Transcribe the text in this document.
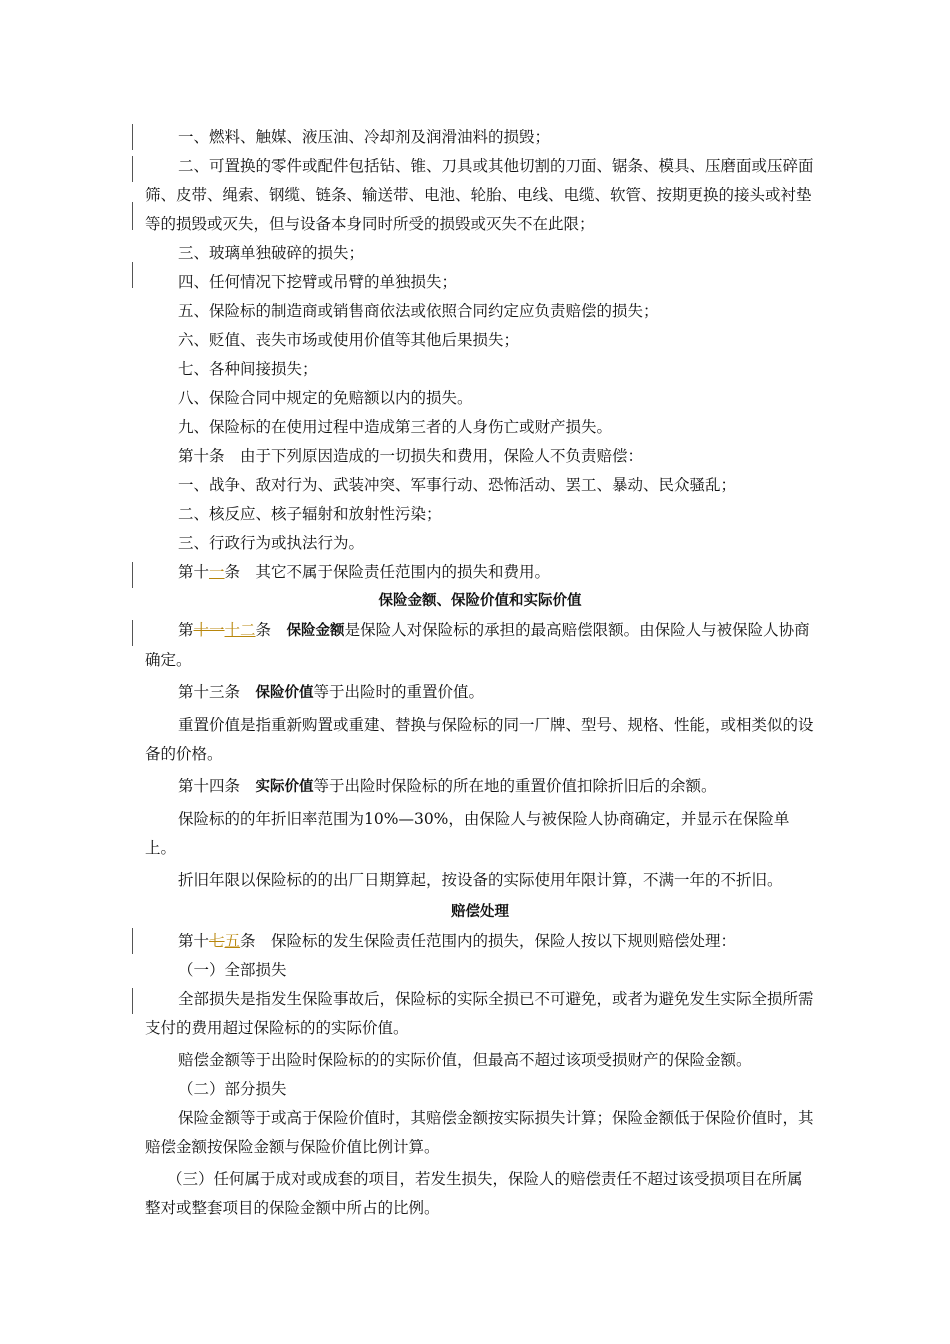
一、燃料、触媒、液压油、冷却剂及润滑油料的损毁；

二、可置换的零件或配件包括钻、锥、刀具或其他切割的刀面、锯条、模具、压磨面或压碎面筛、皮带、绳索、钢缆、链条、输送带、电池、轮胎、电线、电缆、软管、按期更换的接头或衬垫等的损毁或灭失，但与设备本身同时所受的损毁或灭失不在此限；

三、玻璃单独破碎的损失；

四、任何情况下挖臂或吊臂的单独损失；

五、保险标的制造商或销售商依法或依照合同约定应负责赔偿的损失；

六、贬值、丧失市场或使用价值等其他后果损失；

七、各种间接损失；

八、保险合同中规定的免赔额以内的损失。

九、保险标的在使用过程中造成第三者的人身伤亡或财产损失。

第十条　由于下列原因造成的一切损失和费用，保险人不负责赔偿：

一、战争、敌对行为、武装冲突、军事行动、恐怖活动、罢工、暴动、民众骚乱；

二、核反应、核子辐射和放射性污染；

三、行政行为或执法行为。

第十一条　其它不属于保险责任范围内的损失和费用。

保险金额、保险价值和实际价值

第十一十二条　保险金额是保险人对保险标的承担的最高赔偿限额。由保险人与被保险人协商确定。

第十三条　保险价值等于出险时的重置价值。

重置价值是指重新购置或重建、替换与保险标的同一厂牌、型号、规格、性能，或相类似的设备的价格。

第十四条　实际价值等于出险时保险标的所在地的重置价值扣除折旧后的余额。

保险标的的年折旧率范围为10%—30%，由保险人与被保险人协商确定，并显示在保险单上。

折旧年限以保险标的的出厂日期算起，按设备的实际使用年限计算，不满一年的不折旧。

赔偿处理

第十七五条　保险标的发生保险责任范围内的损失，保险人按以下规则赔偿处理：

（一）全部损失

全部损失是指发生保险事故后，保险标的实际全损已不可避免，或者为避免发生实际全损所需支付的费用超过保险标的的实际价值。

赔偿金额等于出险时保险标的的实际价值，但最高不超过该项受损财产的保险金额。

（二）部分损失

保险金额等于或高于保险价值时，其赔偿金额按实际损失计算；保险金额低于保险价值时，其赔偿金额按保险金额与保险价值比例计算。

（三）任何属于成对或成套的项目，若发生损失，保险人的赔偿责任不超过该受损项目在所属整对或整套项目的保险金额中所占的比例。
